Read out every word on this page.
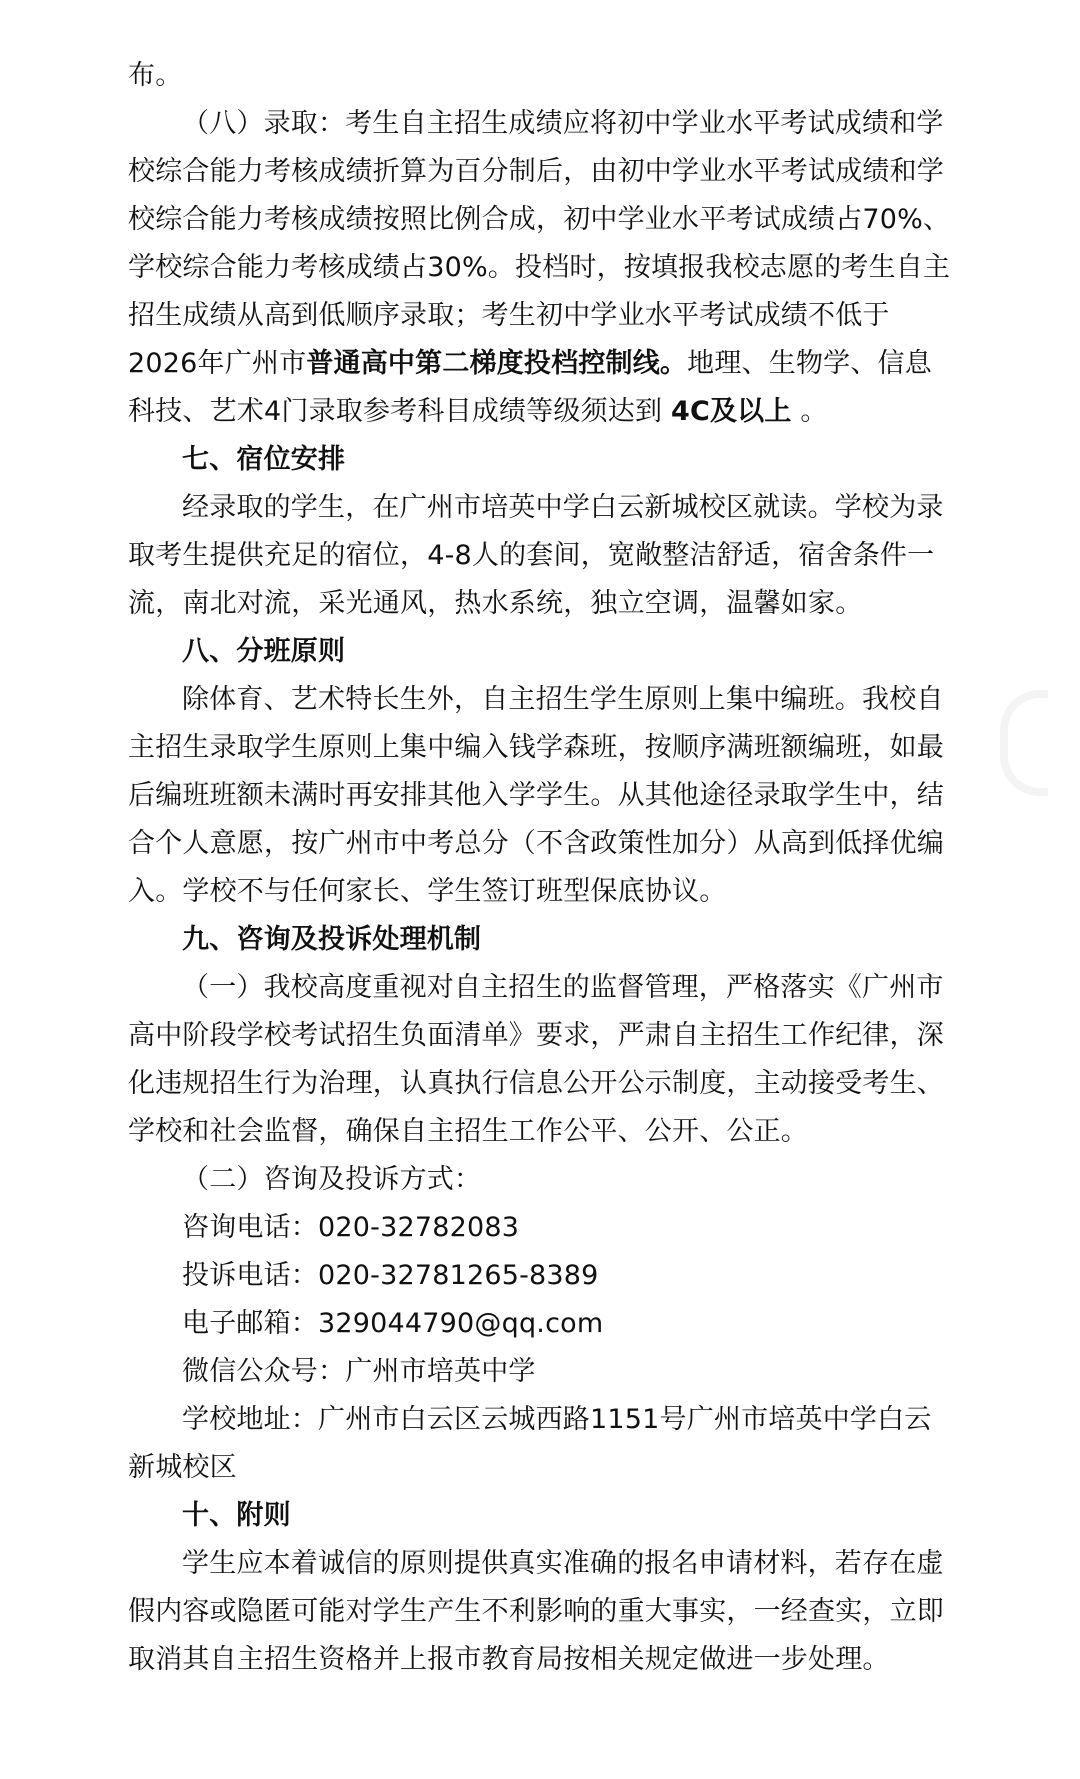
布。

（八）录取：考生自主招生成绩应将初中学业水平考试成绩和学校综合能力考核成绩折算为百分制后，由初中学业水平考试成绩和学校综合能力考核成绩按照比例合成，初中学业水平考试成绩占70%、学校综合能力考核成绩占30%。投档时，按填报我校志愿的考生自主招生成绩从高到低顺序录取；考生初中学业水平考试成绩不低于2026年广州市普通高中第二梯度投档控制线。地理、生物学、信息科技、艺术4门录取参考科目成绩等级须达到 4C及以上 。

七、宿位安排

经录取的学生，在广州市培英中学白云新城校区就读。学校为录取考生提供充足的宿位，4-8人的套间，宽敞整洁舒适，宿舍条件一流，南北对流，采光通风，热水系统，独立空调，温馨如家。

八、分班原则

除体育、艺术特长生外，自主招生学生原则上集中编班。我校自主招生录取学生原则上集中编入钱学森班，按顺序满班额编班，如最后编班班额未满时再安排其他入学学生。从其他途径录取学生中，结合个人意愿，按广州市中考总分（不含政策性加分）从高到低择优编入。学校不与任何家长、学生签订班型保底协议。

九、咨询及投诉处理机制

（一）我校高度重视对自主招生的监督管理，严格落实《广州市高中阶段学校考试招生负面清单》要求，严肃自主招生工作纪律，深化违规招生行为治理，认真执行信息公开公示制度，主动接受考生、学校和社会监督，确保自主招生工作公平、公开、公正。

（二）咨询及投诉方式：

咨询电话：020-32782083

投诉电话：020-32781265-8389

电子邮箱：329044790@qq.com

微信公众号：广州市培英中学

学校地址：广州市白云区云城西路1151号广州市培英中学白云新城校区

十、附则

学生应本着诚信的原则提供真实准确的报名申请材料，若存在虚假内容或隐匿可能对学生产生不利影响的重大事实，一经查实，立即取消其自主招生资格并上报市教育局按相关规定做进一步处理。
